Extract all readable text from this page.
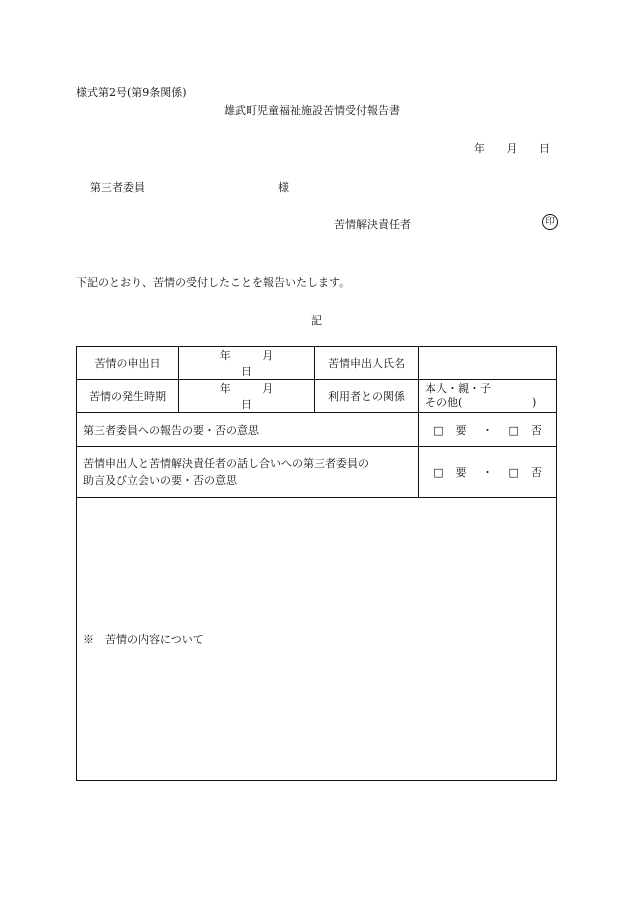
様式第2号(第9条関係)
雄武町児童福祉施設苦情受付報告書
年 月 日
第三者委員	様
苦情解決責任者	印
下記のとおり、苦情の受付したことを報告いたします。
記
苦情の申出日	年 月 日	苦情申出人氏名	
苦情の発生時期	年 月 日	利用者との関係	本人・親・子
その他( )

第三者委員への報告の要・否の意思			□ 要 ・ □ 否

苦情申出人と苦情解決責任者の話し合いへの第三者委員の
助言及び立会いの要・否の意思			□ 要 ・ □ 否
※　苦情の内容について			
